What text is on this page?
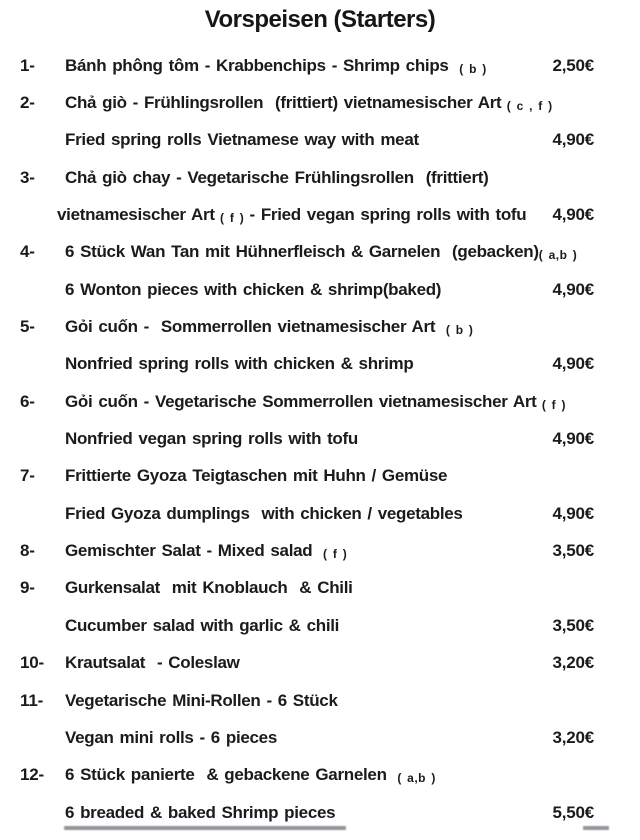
Vorspeisen (Starters)
1-	Bánh phông tôm - Krabbenchips - Shrimp chips  ( b )	2,50€
2-	Chả giò - Frühlingsrollen  (frittiert) vietnamesischer Art ( c , f )
Fried spring rolls Vietnamese way with meat	4,90€
3-	Chả giò chay - Vegetarische Frühlingsrollen  (frittiert)
vietnamesischer Art ( f ) - Fried vegan spring rolls with tofu 4,90€
4-	6 Stück Wan Tan mit Hühnerfleisch & Garnelen  (gebacken)( a,b )
6 Wonton pieces with chicken & shrimp(baked)	4,90€
5-	Gỏi cuốn -  Sommerrollen vietnamesischer Art  ( b )
Nonfried spring rolls with chicken & shrimp	4,90€
6-	Gỏi cuốn - Vegetarische Sommerrollen vietnamesischer Art ( f )
Nonfried vegan spring rolls with tofu	4,90€
7-	Frittierte Gyoza Teigtaschen mit Huhn / Gemüse
Fried Gyoza dumplings  with chicken / vegetables	4,90€
8-	Gemischter Salat - Mixed salad  ( f )	3,50€
9-	Gurkensalat  mit Knoblauch  & Chili
Cucumber salad with garlic & chili	3,50€
10-	Krautsalat  - Coleslaw	3,20€
11-	Vegetarische Mini-Rollen - 6 Stück
Vegan mini rolls - 6 pieces	3,20€
12-	6 Stück panierte  & gebackene Garnelen  ( a,b )
6 breaded & baked Shrimp pieces	5,50€
